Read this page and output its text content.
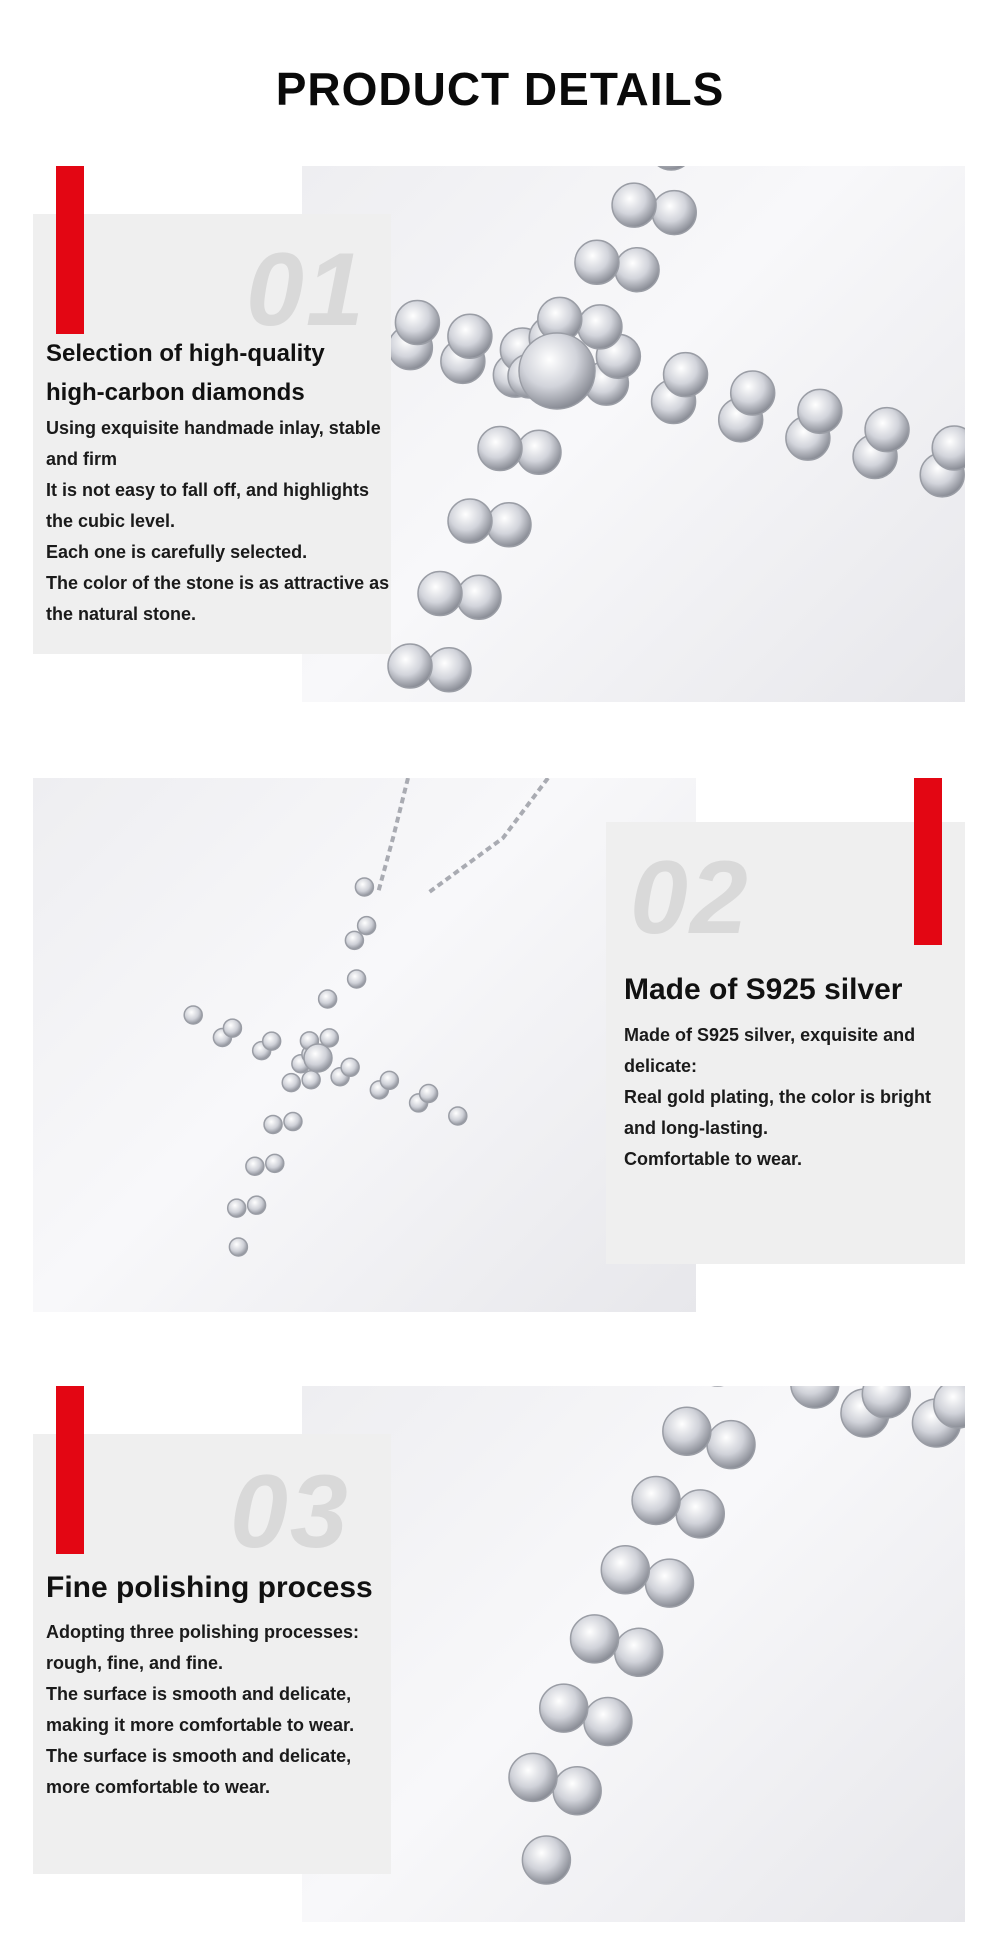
PRODUCT DETAILS
01
Selection of high-quality
high-carbon diamonds
Using exquisite handmade inlay, stable
and firm
It is not easy to fall off, and highlights
the cubic level.
Each one is carefully selected.
The color of the stone is as attractive as
the natural stone.
02
Made of S925 silver
Made of S925 silver, exquisite and
delicate:
Real gold plating, the color is bright
and long-lasting.
Comfortable to wear.
03
Fine polishing process
Adopting three polishing processes:
rough, fine, and fine.
The surface is smooth and delicate,
making it more comfortable to wear.
The surface is smooth and delicate,
more comfortable to wear.
